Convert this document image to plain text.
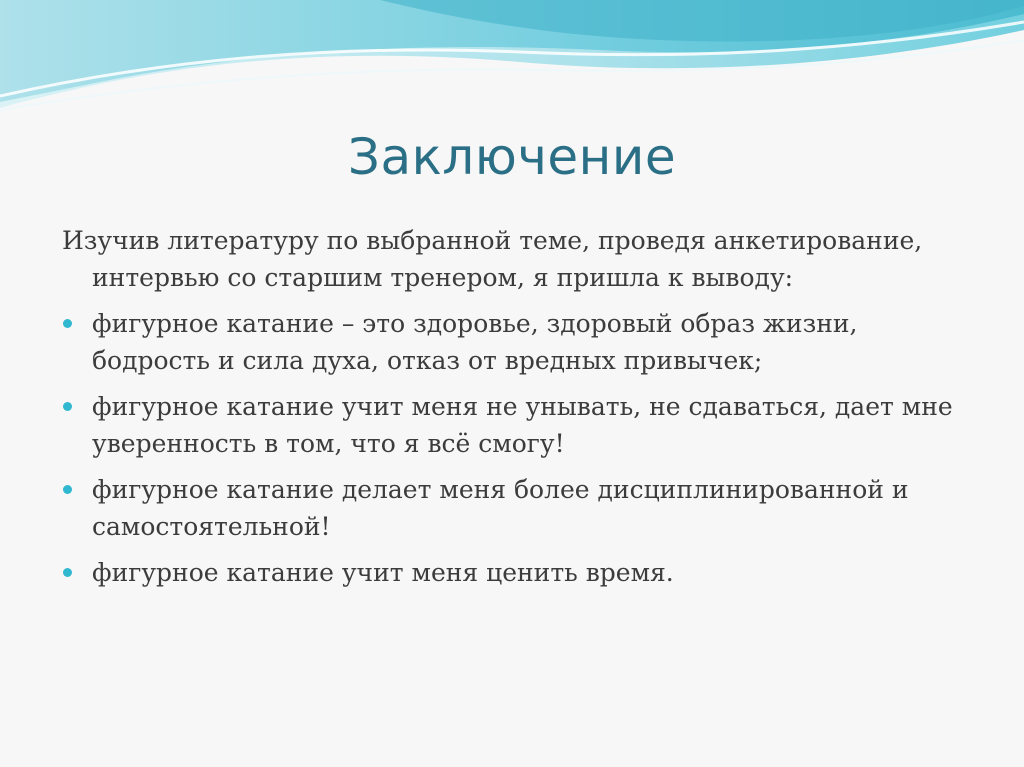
Заключение

Изучив литературу по выбранной теме, проведя анкетирование, интервью со старшим тренером, я пришла к выводу:

фигурное катание – это здоровье, здоровый образ жизни, бодрость и сила духа, отказ от вредных привычек;
фигурное катание учит меня не унывать, не сдаваться, дает мне уверенность в том, что я всё смогу!
фигурное катание делает меня более дисциплинированной и самостоятельной!
фигурное катание учит меня ценить время.
